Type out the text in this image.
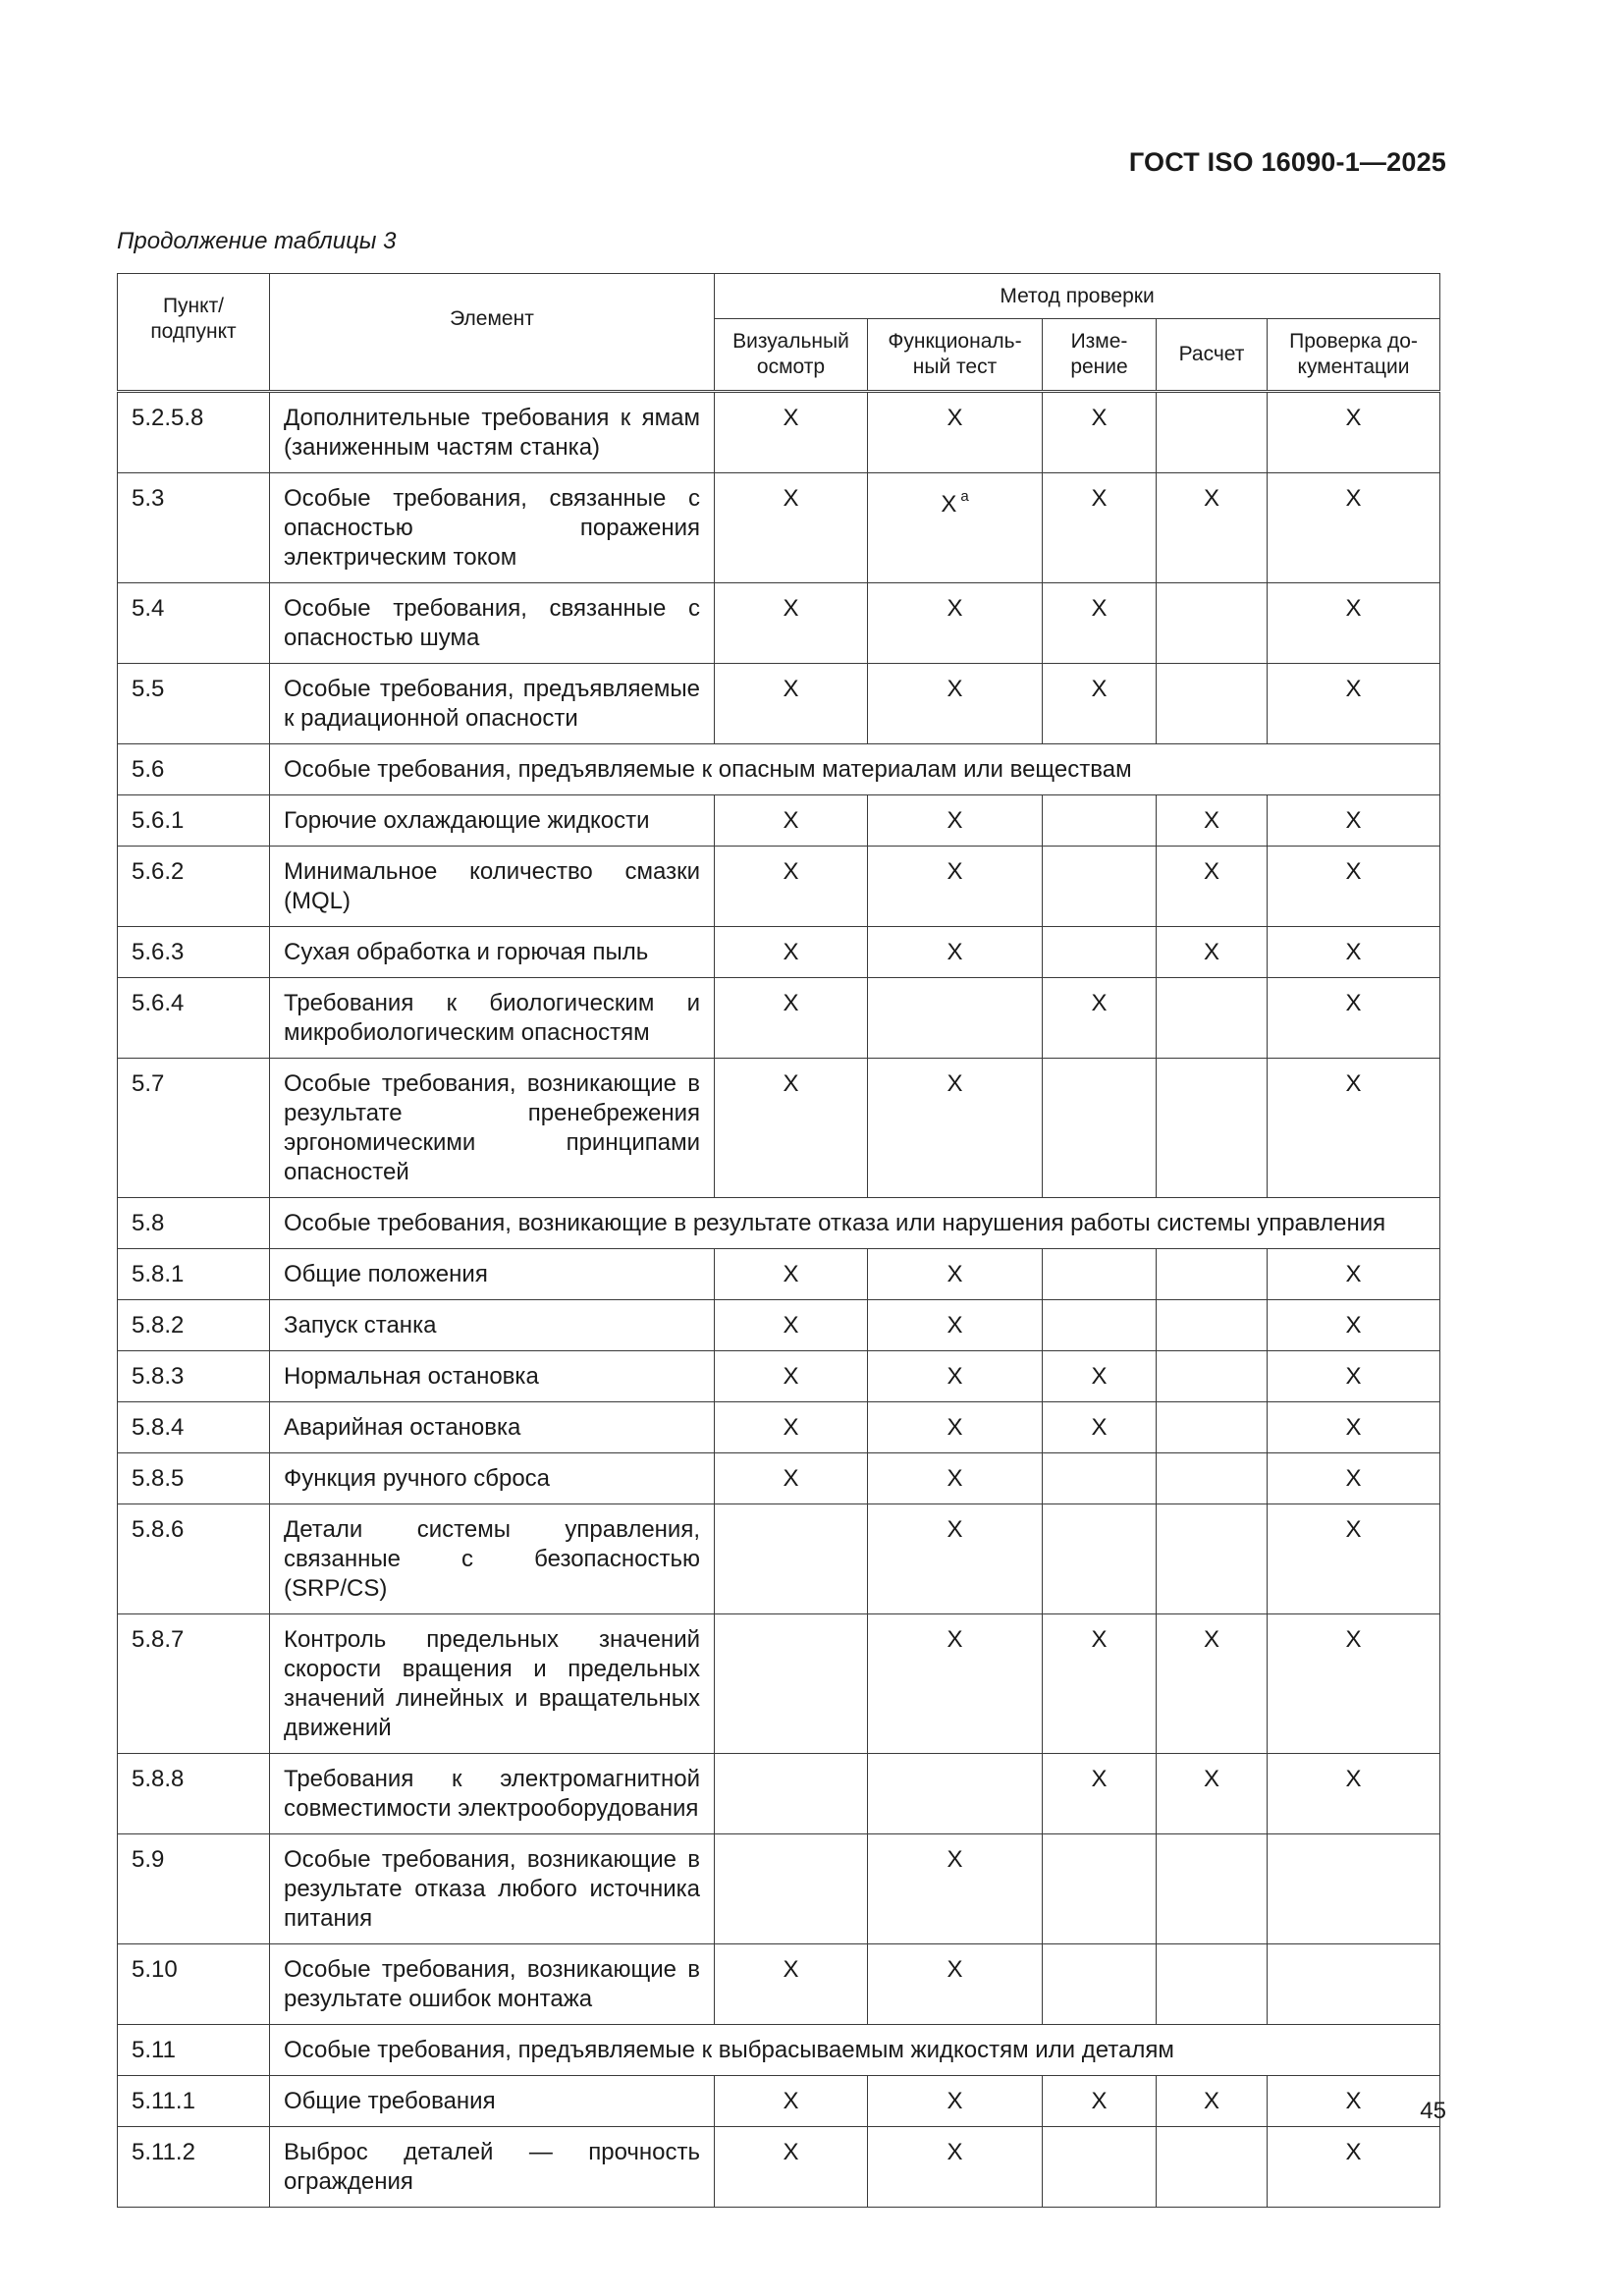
ГОСТ ISO 16090-1—2025
Продолжение таблицы 3
Пункт/ подпункт	Элемент	Метод проверки				
		Визуальный осмотр	Функциональ- ный тест	Изме- рение	Расчет	Проверка до- кументации
5.2.5.8	Дополнительные требования к ямам (заниженным частям станка)	X	X	X		X
5.3	Особые требования, связанные с опасностью поражения электрическим током	X	X $^a$	X	X	X
5.4	Особые требования, связанные с опасностью шума	X	X	X		X
5.5	Особые требования, предъявляемые к радиационной опасности	X	X	X		X
5.6	Особые требования, предъявляемые к опасным материалам или веществам					
5.6.1	Горючие охлаждающие жидкости	X	X		X	X
5.6.2	Минимальное количество смазки (MQL)	X	X		X	X
5.6.3	Сухая обработка и горючая пыль	X	X		X	X
5.6.4	Требования к биологическим и микробиологическим опасностям	X		X		X
5.7	Особые требования, возникающие в результате пренебрежения эргономическими принципами опасностей	X	X			X
5.8	Особые требования, возникающие в результате отказа или нарушения работы системы управления					
5.8.1	Общие положения	X	X			X
5.8.2	Запуск станка	X	X			X
5.8.3	Нормальная остановка	X	X	X		X
5.8.4	Аварийная остановка	X	X	X		X
5.8.5	Функция ручного сброса	X	X			X
5.8.6	Детали системы управления, связанные с безопасностью (SRP/CS)		X			X
5.8.7	Контроль предельных значений скорости вращения и предельных значений линейных и вращательных движений		X	X	X	X
5.8.8	Требования к электромагнитной совместимости электрооборудования			X	X	X
5.9	Особые требования, возникающие в результате отказа любого источника питания		X			
5.10	Особые требования, возникающие в результате ошибок монтажа	X	X			
5.11	Особые требования, предъявляемые к выбрасываемым жидкостям или деталям					
5.11.1	Общие требования	X	X	X	X	X
5.11.2	Выброс деталей — прочность ограждения	X	X			X
45
